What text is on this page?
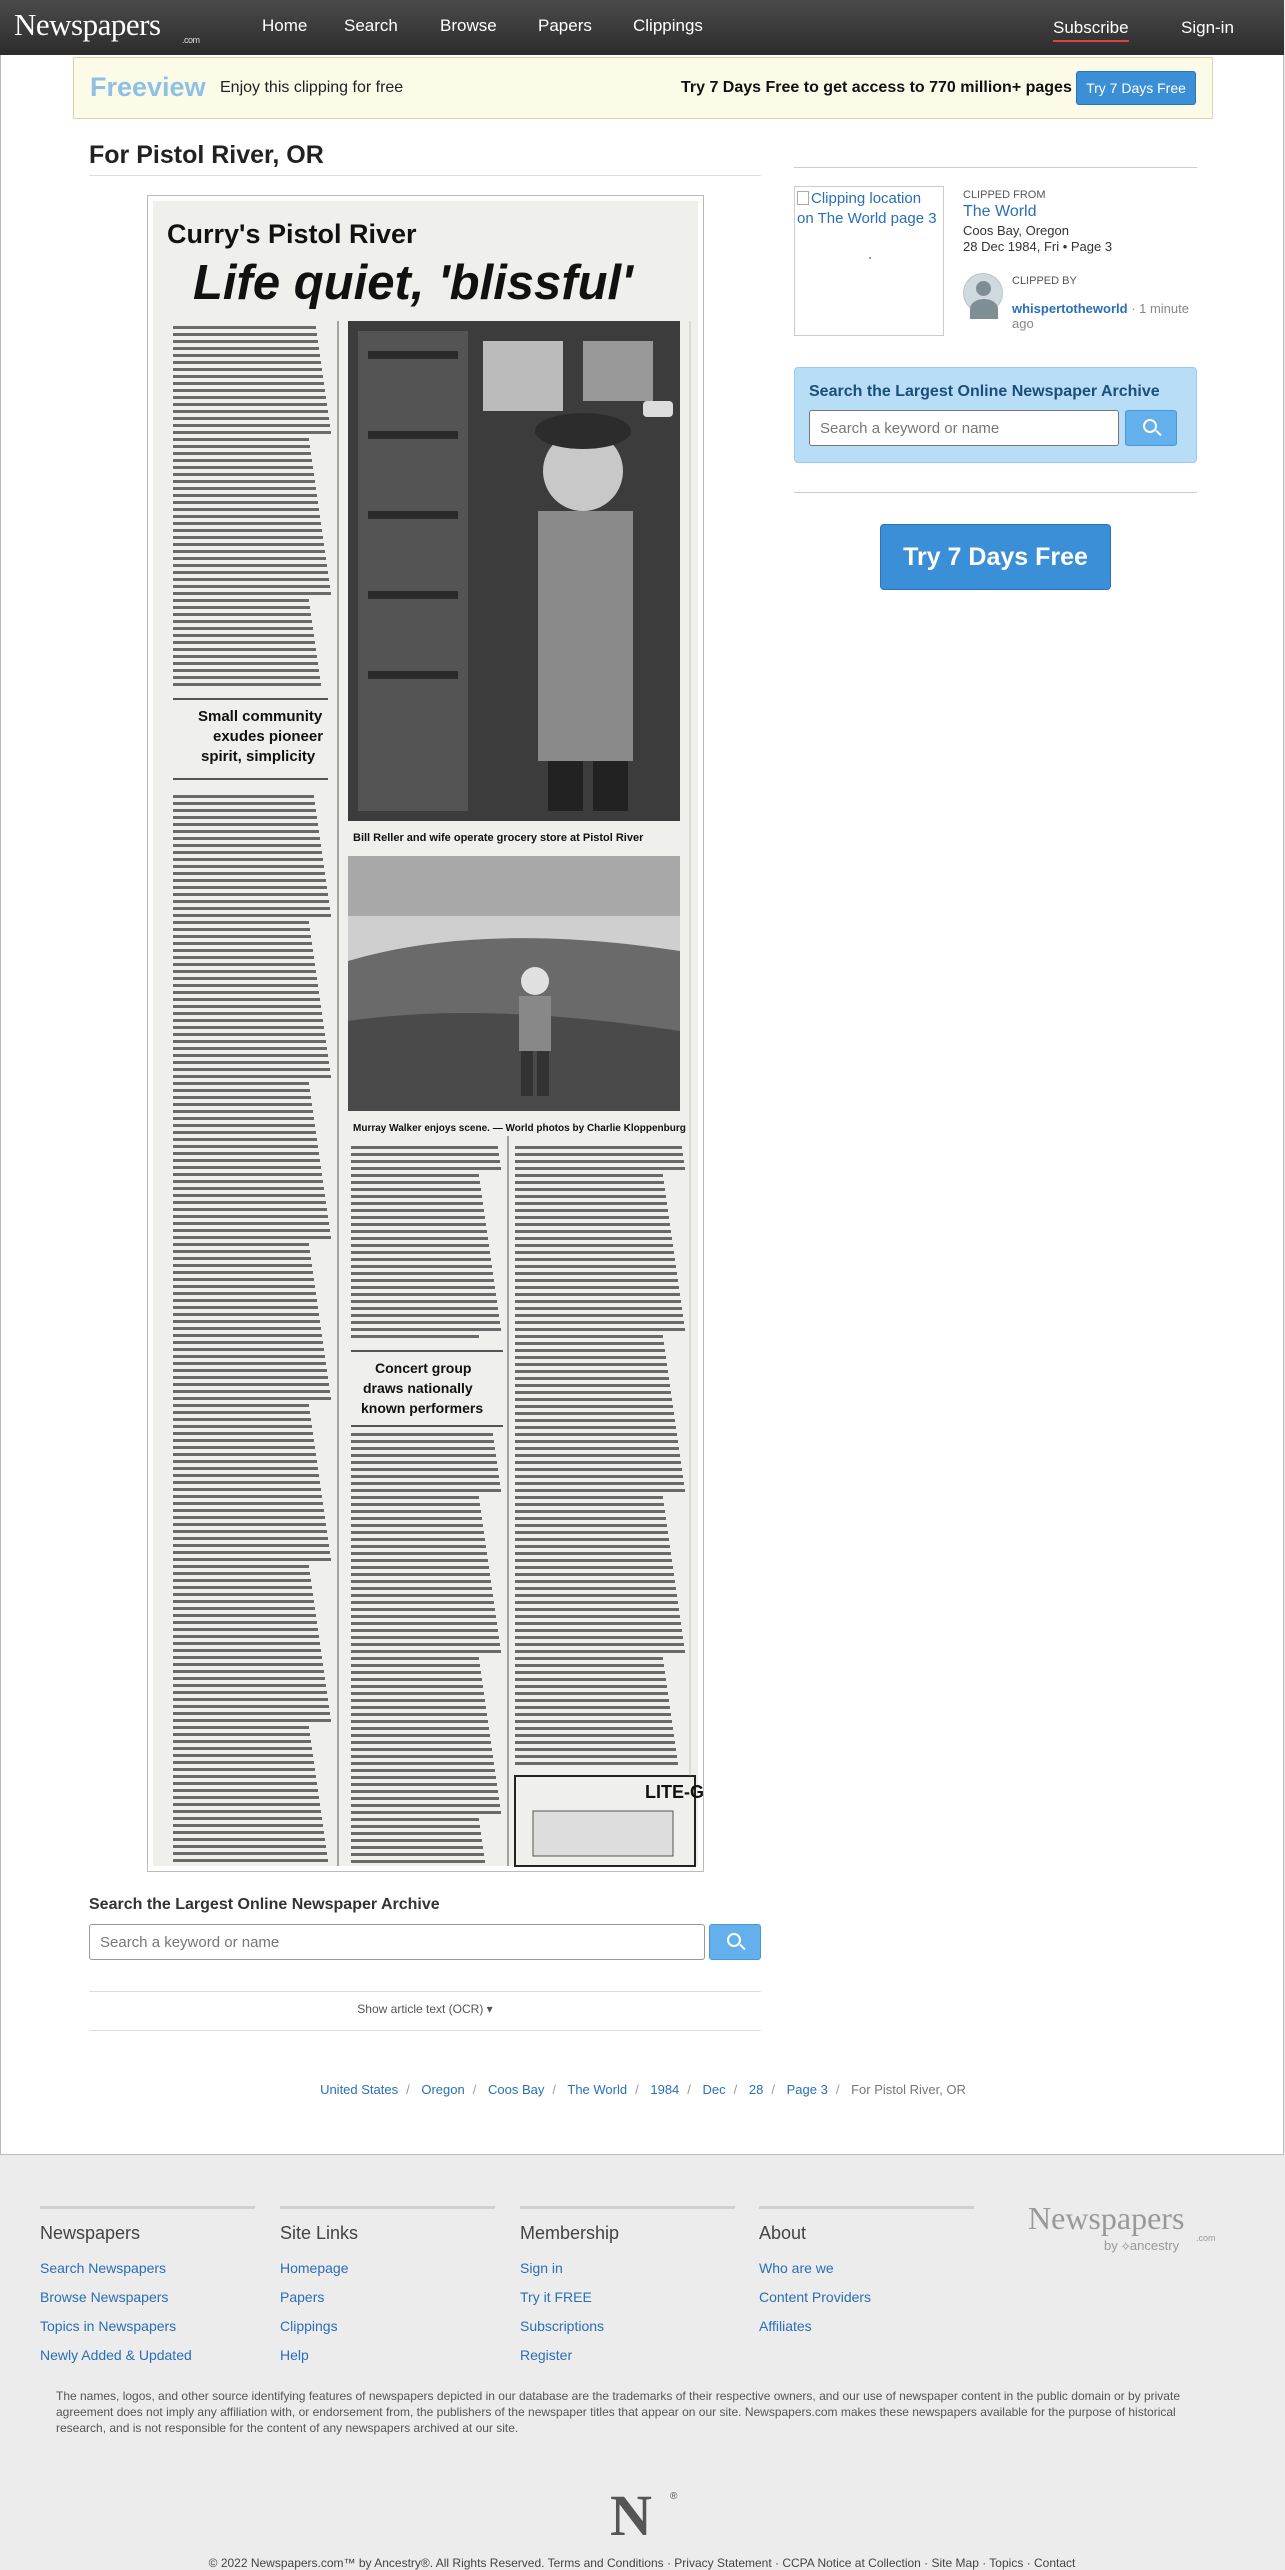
Newspapers .com
Home Search Browse Papers Clippings	Subscribe	Sign-in
Freeview Enjoy this clipping for free	Try 7 Days Free to get access to 770 million+ pages	Try 7 Days Free
For Pistol River, OR
Curry's Pistol River
Life quiet, 'blissful'
Small community
exudes pioneer
spirit, simplicity
Bill Reller and wife operate grocery store at Pistol River
Murray Walker enjoys scene. — World photos by Charlie Kloppenburg
Concert group
draws nationally
known performers
LITE-G
Search the Largest Online Newspaper Archive
Search a keyword or name
Show article text (OCR) ▾
United States / Oregon / Coos Bay / The World / 1984 / Dec / 28 / Page 3 / For Pistol River, OR
Clipping location on The World page 3
CLIPPED FROM
The World
Coos Bay, Oregon
28 Dec 1984, Fri • Page 3
CLIPPED BY
whispertotheworld · 1 minute ago
Search the Largest Online Newspaper Archive
Search a keyword or name
Try 7 Days Free
Newspapers
Search Newspapers
Browse Newspapers
Topics in Newspapers
Newly Added & Updated
Site Links
Homepage
Papers
Clippings
Help
Membership
Sign in
Try it FREE
Subscriptions
Register
About
Who are we
Content Providers
Affiliates
Newspapers
.com
by ⟡ancestry

The names, logos, and other source identifying features of newspapers depicted in our database are the trademarks of their respective owners, and our use of newspaper content in the public domain or by private agreement does not imply any affiliation with, or endorsement from, the publishers of the newspaper titles that appear on our site. Newspapers.com makes these newspapers available for the purpose of historical research, and is not responsible for the content of any newspapers archived at our site.

N ®
© 2022 Newspapers.com™ by Ancestry®. All Rights Reserved. Terms and Conditions · Privacy Statement · CCPA Notice at Collection · Site Map · Topics · Contact
